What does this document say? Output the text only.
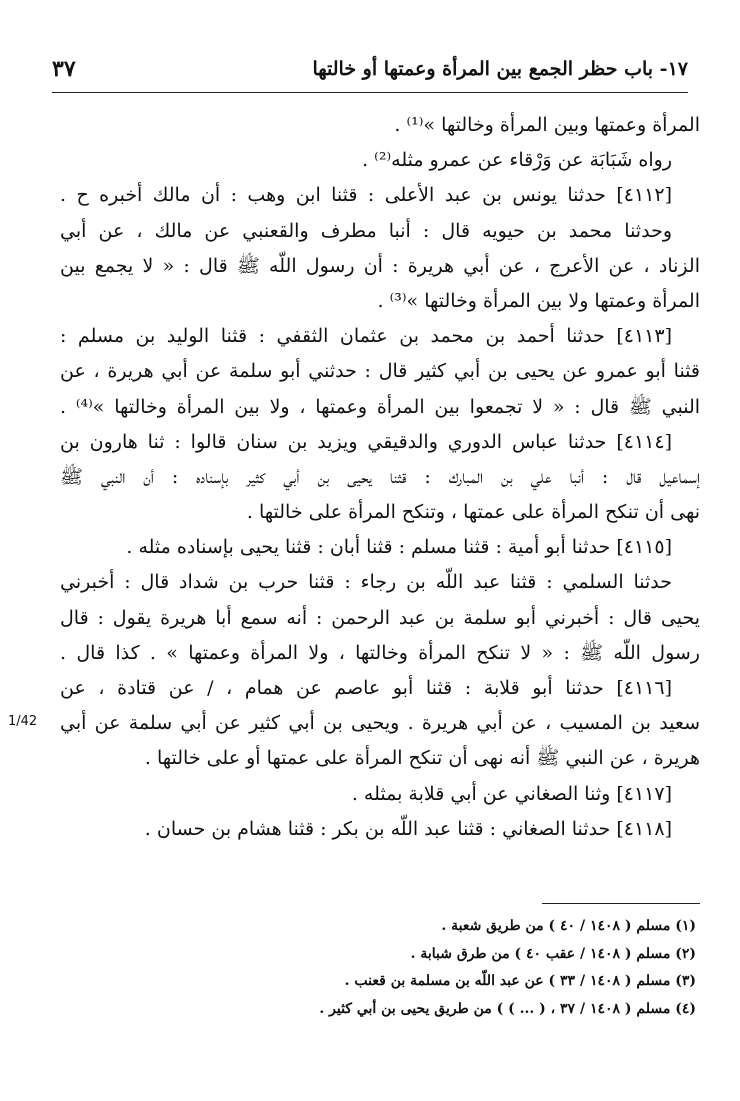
١٧- باب حظر الجمع بين المرأة وعمتها أو خالتها
٣٧
1/42
المرأة وعمتها وبين المرأة وخالتها »⁽¹⁾ .
رواه شَبَابَة عن وَرْقاء عن عمرو مثله⁽²⁾ .
[٤١١٢] حدثنا يونس بن عبد الأعلى : قثنا ابن وهب : أن مالك أخبره ح .
وحدثنا محمد بن حيويه قال : أنبا مطرف والقعنبي عن مالك ، عن أبي
الزناد ، عن الأعرج ، عن أبي هريرة : أن رسول اللّه ﷺ قال : « لا يجمع بين
المرأة وعمتها ولا بين المرأة وخالتها »⁽³⁾ .
[٤١١٣] حدثنا أحمد بن محمد بن عثمان الثقفي : قثنا الوليد بن مسلم :
قثنا أبو عمرو عن يحيى بن أبي كثير قال : حدثني أبو سلمة عن أبي هريرة ، عن
النبي ﷺ قال : « لا تجمعوا بين المرأة وعمتها ، ولا بين المرأة وخالتها »⁽⁴⁾ .
[٤١١٤] حدثنا عباس الدوري والدقيقي ويزيد بن سنان قالوا : ثنا هارون بن
إسماعيل قال : أنبا علي بن المبارك : قثنا يحيى بن أبي كثير بإسناده : أن النبي ﷺ
نهى أن تنكح المرأة على عمتها ، وتنكح المرأة على خالتها .
[٤١١٥] حدثنا أبو أمية : قثنا مسلم : قثنا أبان : قثنا يحيى بإسناده مثله .
حدثنا السلمي : قثنا عبد اللّه بن رجاء : قثنا حرب بن شداد قال : أخبرني
يحيى قال : أخبرني أبو سلمة بن عبد الرحمن : أنه سمع أبا هريرة يقول : قال
رسول اللّه ﷺ : « لا تنكح المرأة وخالتها ، ولا المرأة وعمتها » . كذا قال .
[٤١١٦] حدثنا أبو قلابة : قثنا أبو عاصم عن همام ، / عن قتادة ، عن
سعيد بن المسيب ، عن أبي هريرة . ويحيى بن أبي كثير عن أبي سلمة عن أبي
هريرة ، عن النبي ﷺ أنه نهى أن تنكح المرأة على عمتها أو على خالتها .
[٤١١٧] وثنا الصغاني عن أبي قلابة بمثله .
[٤١١٨] حدثنا الصغاني : قثنا عبد اللّه بن بكر : قثنا هشام بن حسان .
(١) مسلم ( ١٤٠٨ / ٤٠ ) من طريق شعبة .
(٢) مسلم ( ١٤٠٨ / عقب ٤٠ ) من طرق شبابة .
(٣) مسلم ( ١٤٠٨ / ٣٣ ) عن عبد اللّه بن مسلمة بن قعنب .
(٤) مسلم ( ١٤٠٨ / ٣٧ ، ( ... ) ) من طريق يحيى بن أبي كثير .
